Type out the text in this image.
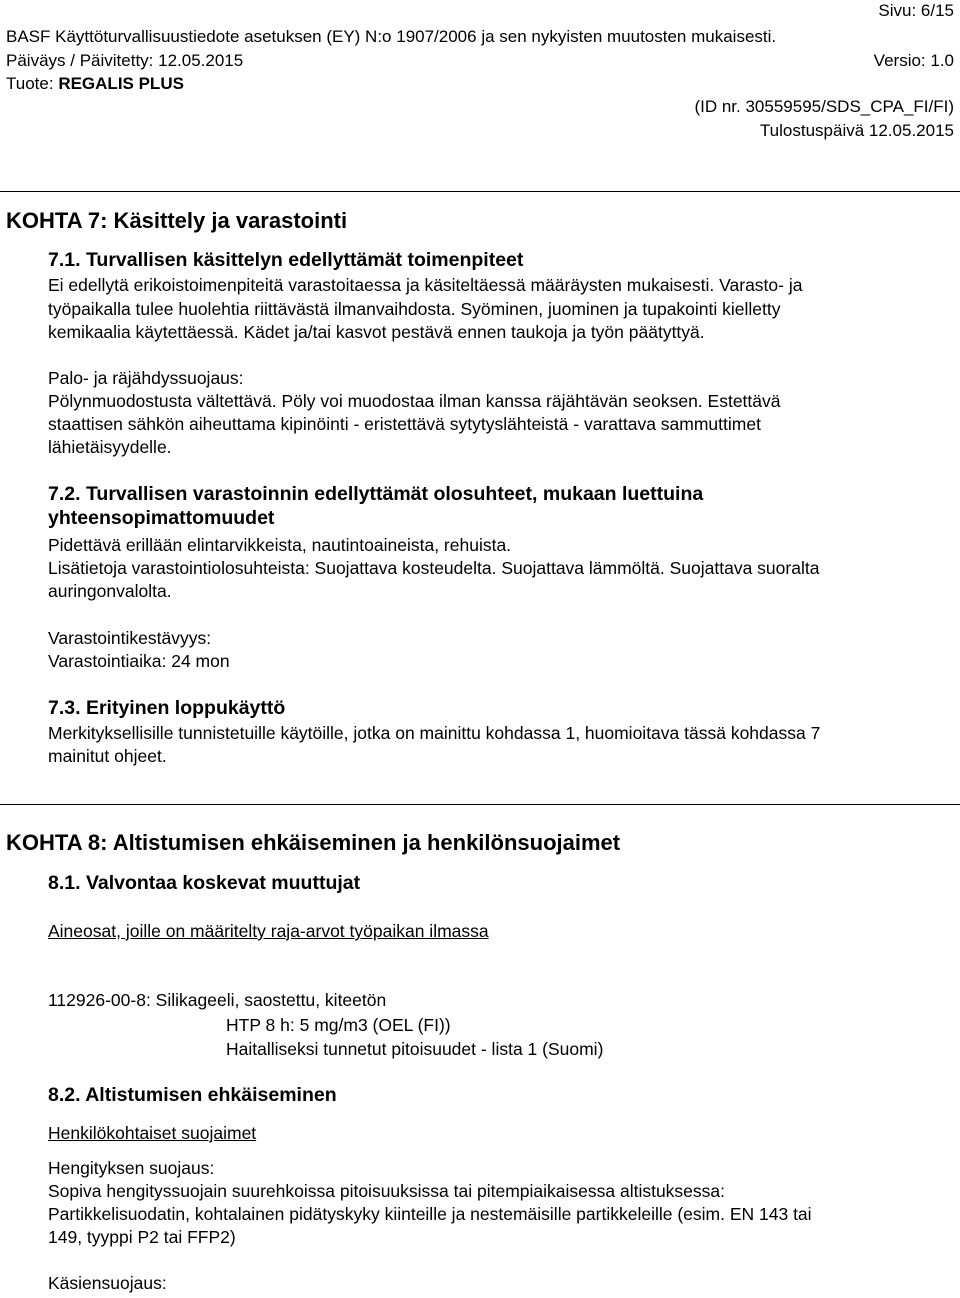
Sivu: 6/15
BASF Käyttöturvallisuustiedote asetuksen (EY) N:o 1907/2006 ja sen nykyisten muutosten mukaisesti.
Päiväys / Päivitetty: 12.05.2015	Versio: 1.0
Tuote: REGALIS PLUS
(ID nr. 30559595/SDS_CPA_FI/FI)
Tulostuspäivä 12.05.2015
KOHTA 7: Käsittely ja varastointi
7.1. Turvallisen käsittelyn edellyttämät toimenpiteet
Ei edellytä erikoistoimenpiteitä varastoitaessa ja käsiteltäessä määräysten mukaisesti. Varasto- ja
työpaikalla tulee huolehtia riittävästä ilmanvaihdosta. Syöminen, juominen ja tupakointi kielletty
kemikaalia käytettäessä. Kädet ja/tai kasvot pestävä ennen taukoja ja työn päätyttyä.
Palo- ja räjähdyssuojaus:
Pölynmuodostusta vältettävä. Pöly voi muodostaa ilman kanssa räjähtävän seoksen. Estettävä
staattisen sähkön aiheuttama kipinöinti - eristettävä sytytyslähteistä - varattava sammuttimet
lähietäisyydelle.
7.2. Turvallisen varastoinnin edellyttämät olosuhteet, mukaan luettuina
yhteensopimattomuudet
Pidettävä erillään elintarvikkeista, nautintoaineista, rehuista.
Lisätietoja varastointiolosuhteista: Suojattava kosteudelta. Suojattava lämmöltä. Suojattava suoralta
auringonvalolta.
Varastointikestävyys:
Varastointiaika: 24 mon
7.3. Erityinen loppukäyttö
Merkityksellisille tunnistetuille käytöille, jotka on mainittu kohdassa 1, huomioitava tässä kohdassa 7
mainitut ohjeet.
KOHTA 8: Altistumisen ehkäiseminen ja henkilönsuojaimet
8.1. Valvontaa koskevat muuttujat
Aineosat, joille on määritelty raja-arvot työpaikan ilmassa
112926-00-8: Silikageeli, saostettu, kiteetön
HTP 8 h: 5 mg/m3 (OEL (FI))
Haitalliseksi tunnetut pitoisuudet - lista 1 (Suomi)
8.2. Altistumisen ehkäiseminen
Henkilökohtaiset suojaimet
Hengityksen suojaus:
Sopiva hengityssuojain suurehkoissa pitoisuuksissa tai pitempiaikaisessa altistuksessa:
Partikkelisuodatin, kohtalainen pidätyskyky kiinteille ja nestemäisille partikkeleille (esim. EN 143 tai
149, tyyppi P2 tai FFP2)
Käsiensuojaus:
